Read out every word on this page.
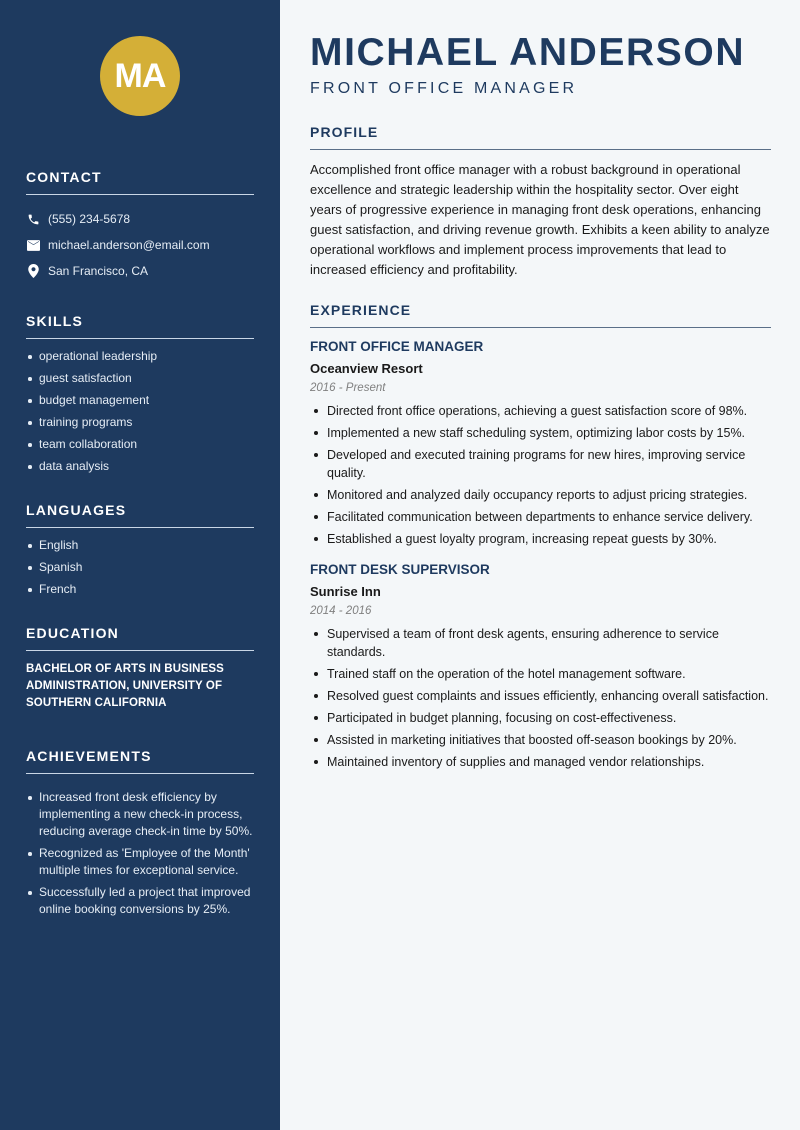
MA
CONTACT
(555) 234-5678
michael.anderson@email.com
San Francisco, CA
SKILLS
operational leadership
guest satisfaction
budget management
training programs
team collaboration
data analysis
LANGUAGES
English
Spanish
French
EDUCATION

BACHELOR OF ARTS IN BUSINESS ADMINISTRATION, UNIVERSITY OF SOUTHERN CALIFORNIA

ACHIEVEMENTS
Increased front desk efficiency by implementing a new check-in process, reducing average check-in time by 50%.
Recognized as 'Employee of the Month' multiple times for exceptional service.
Successfully led a project that improved online booking conversions by 25%.
MICHAEL ANDERSON
FRONT OFFICE MANAGER
PROFILE

Accomplished front office manager with a robust background in operational excellence and strategic leadership within the hospitality sector. Over eight years of progressive experience in managing front desk operations, enhancing guest satisfaction, and driving revenue growth. Exhibits a keen ability to analyze operational workflows and implement process improvements that lead to increased efficiency and profitability.

EXPERIENCE
FRONT OFFICE MANAGER
Oceanview Resort
2016 - Present
Directed front office operations, achieving a guest satisfaction score of 98%.
Implemented a new staff scheduling system, optimizing labor costs by 15%.
Developed and executed training programs for new hires, improving service quality.
Monitored and analyzed daily occupancy reports to adjust pricing strategies.
Facilitated communication between departments to enhance service delivery.
Established a guest loyalty program, increasing repeat guests by 30%.
FRONT DESK SUPERVISOR
Sunrise Inn
2014 - 2016
Supervised a team of front desk agents, ensuring adherence to service standards.
Trained staff on the operation of the hotel management software.
Resolved guest complaints and issues efficiently, enhancing overall satisfaction.
Participated in budget planning, focusing on cost-effectiveness.
Assisted in marketing initiatives that boosted off-season bookings by 20%.
Maintained inventory of supplies and managed vendor relationships.
